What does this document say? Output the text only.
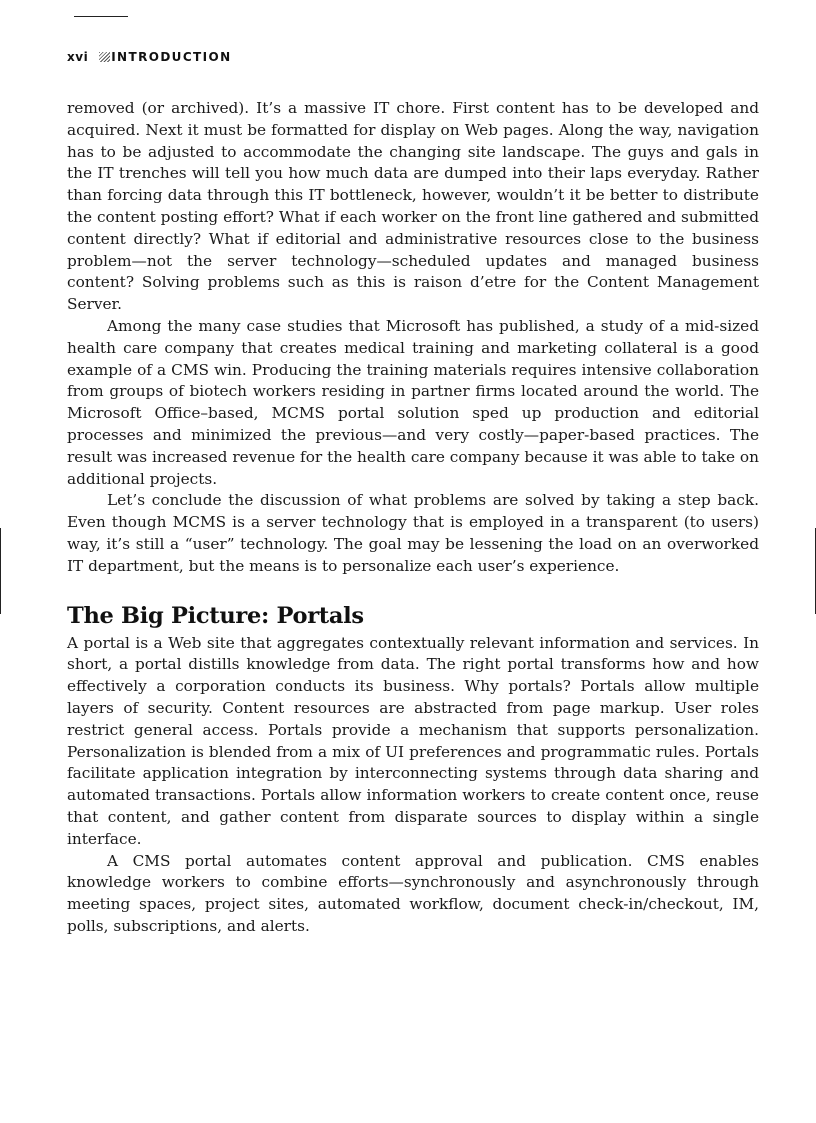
xvi INTRODUCTION

removed (or archived). It’s a massive IT chore. First content has to be developed and acquired. Next it must be formatted for display on Web pages. Along the way, navigation has to be adjusted to accommodate the changing site landscape. The guys and gals in the IT trenches will tell you how much data are dumped into their laps everyday. Rather than forcing data through this IT bottleneck, however, wouldn’t it be better to distribute the content posting effort? What if each worker on the front line gathered and submitted content directly? What if editorial and administrative resources close to the business problem—not the server technology—scheduled updates and managed business content? Solving problems such as this is raison d’etre for the Content Management Server.

Among the many case studies that Microsoft has published, a study of a mid-sized health care company that creates medical training and marketing collateral is a good example of a CMS win. Producing the training materials requires intensive collaboration from groups of biotech workers residing in partner firms located around the world. The Microsoft Office–based, MCMS portal solution sped up production and editorial processes and minimized the previous—and very costly—paper-based practices. The result was increased revenue for the health care company because it was able to take on additional projects.

Let’s conclude the discussion of what problems are solved by taking a step back. Even though MCMS is a server technology that is employed in a transparent (to users) way, it’s still a “user” technology. The goal may be lessening the load on an overworked IT department, but the means is to personalize each user’s experience.

The Big Picture: Portals

A portal is a Web site that aggregates contextually relevant information and services. In short, a portal distills knowledge from data. The right portal transforms how and how effectively a corporation conducts its business. Why portals? Portals allow multiple layers of security. Content resources are abstracted from page markup. User roles restrict general access. Portals provide a mechanism that supports personalization. Personalization is blended from a mix of UI preferences and programmatic rules. Portals facilitate application integration by interconnecting systems through data sharing and automated transactions. Portals allow information workers to create content once, reuse that content, and gather content from disparate sources to display within a single interface.

A CMS portal automates content approval and publication. CMS enables knowledge workers to combine efforts—synchronously and asynchronously through meeting spaces, project sites, automated workflow, document check-in/checkout, IM, polls, subscriptions, and alerts.
